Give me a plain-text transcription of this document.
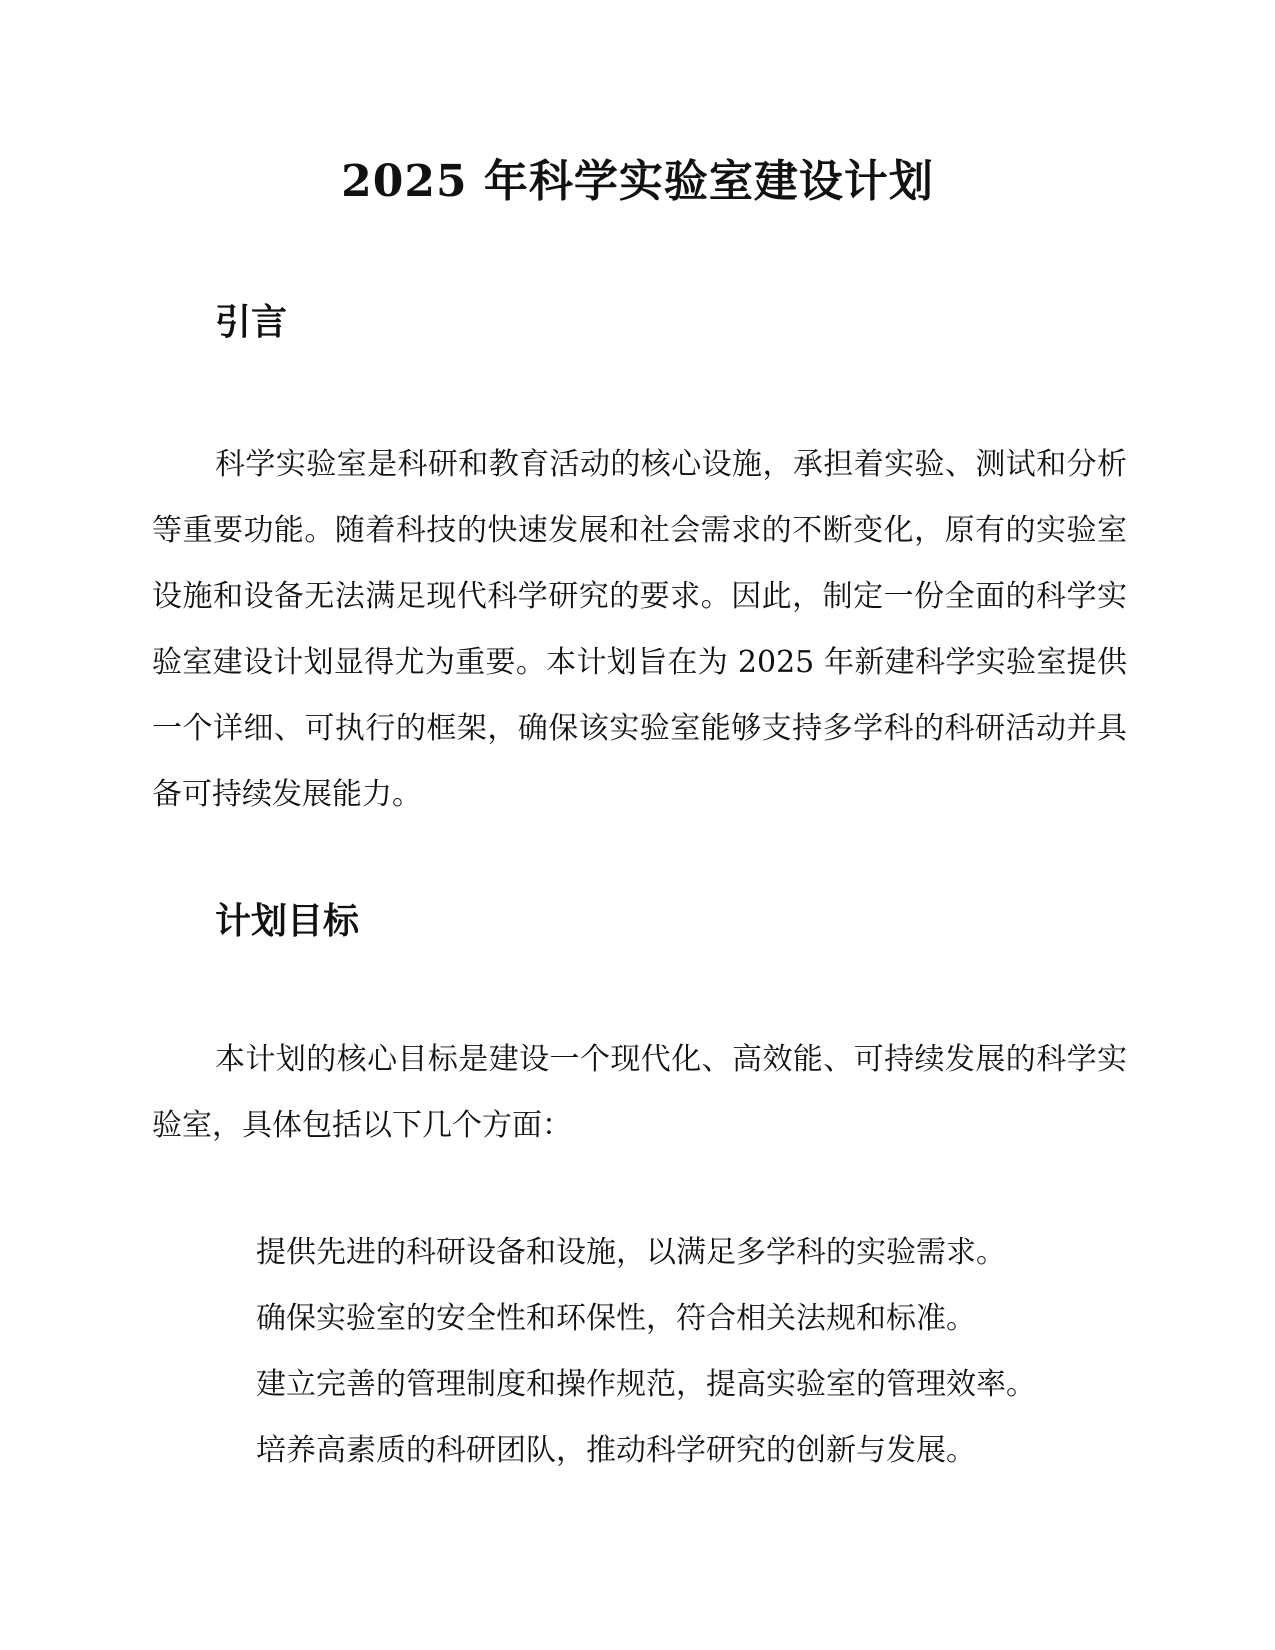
2025 年科学实验室建设计划
引言

科学实验室是科研和教育活动的核心设施，承担着实验、测试和分析等重要功能。随着科技的快速发展和社会需求的不断变化，原有的实验室设施和设备无法满足现代科学研究的要求。因此，制定一份全面的科学实验室建设计划显得尤为重要。本计划旨在为 2025 年新建科学实验室提供一个详细、可执行的框架，确保该实验室能够支持多学科的科研活动并具备可持续发展能力。

计划目标

本计划的核心目标是建设一个现代化、高效能、可持续发展的科学实验室，具体包括以下几个方面：

提供先进的科研设备和设施，以满足多学科的实验需求。
确保实验室的安全性和环保性，符合相关法规和标准。
建立完善的管理制度和操作规范，提高实验室的管理效率。
培养高素质的科研团队，推动科学研究的创新与发展。
